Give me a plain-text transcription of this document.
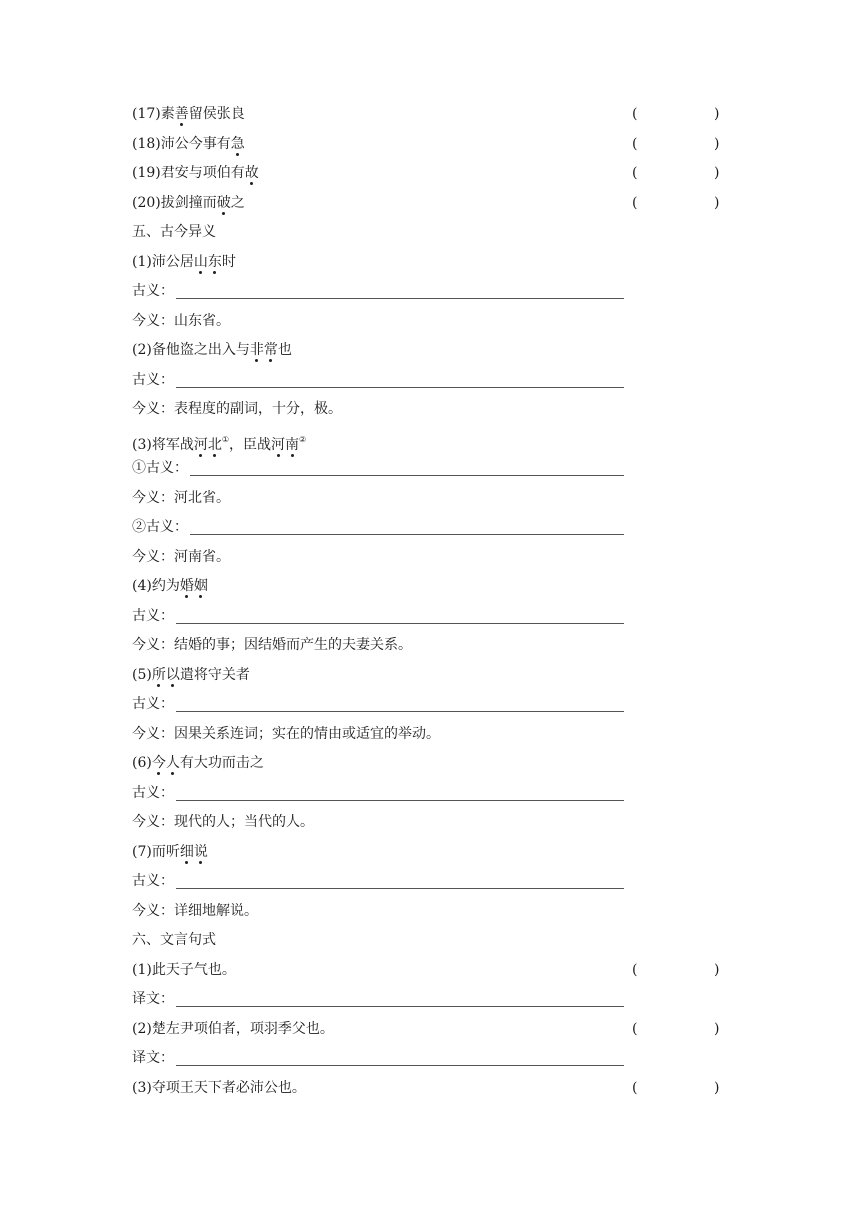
(17)素善留侯张良	(	)
(18)沛公今事有急	(	)
(19)君安与项伯有故	(	)
(20)拔剑撞而破之	(	)
五、古今异义
(1)沛公居山东时
古义：
今义：山东省。
(2)备他盗之出入与非常也
古义：
今义：表程度的副词，十分，极。
(3)将军战河北①，臣战河南②
①古义：
今义：河北省。
②古义：
今义：河南省。
(4)约为婚姻
古义：
今义：结婚的事；因结婚而产生的夫妻关系。
(5)所以遣将守关者
古义：
今义：因果关系连词；实在的情由或适宜的举动。
(6)今人有大功而击之
古义：
今义：现代的人；当代的人。
(7)而听细说
古义：
今义：详细地解说。
六、文言句式
(1)此天子气也。	(	)
译文：
(2)楚左尹项伯者，项羽季父也。	(	)
译文：
(3)夺项王天下者必沛公也。	(	)
